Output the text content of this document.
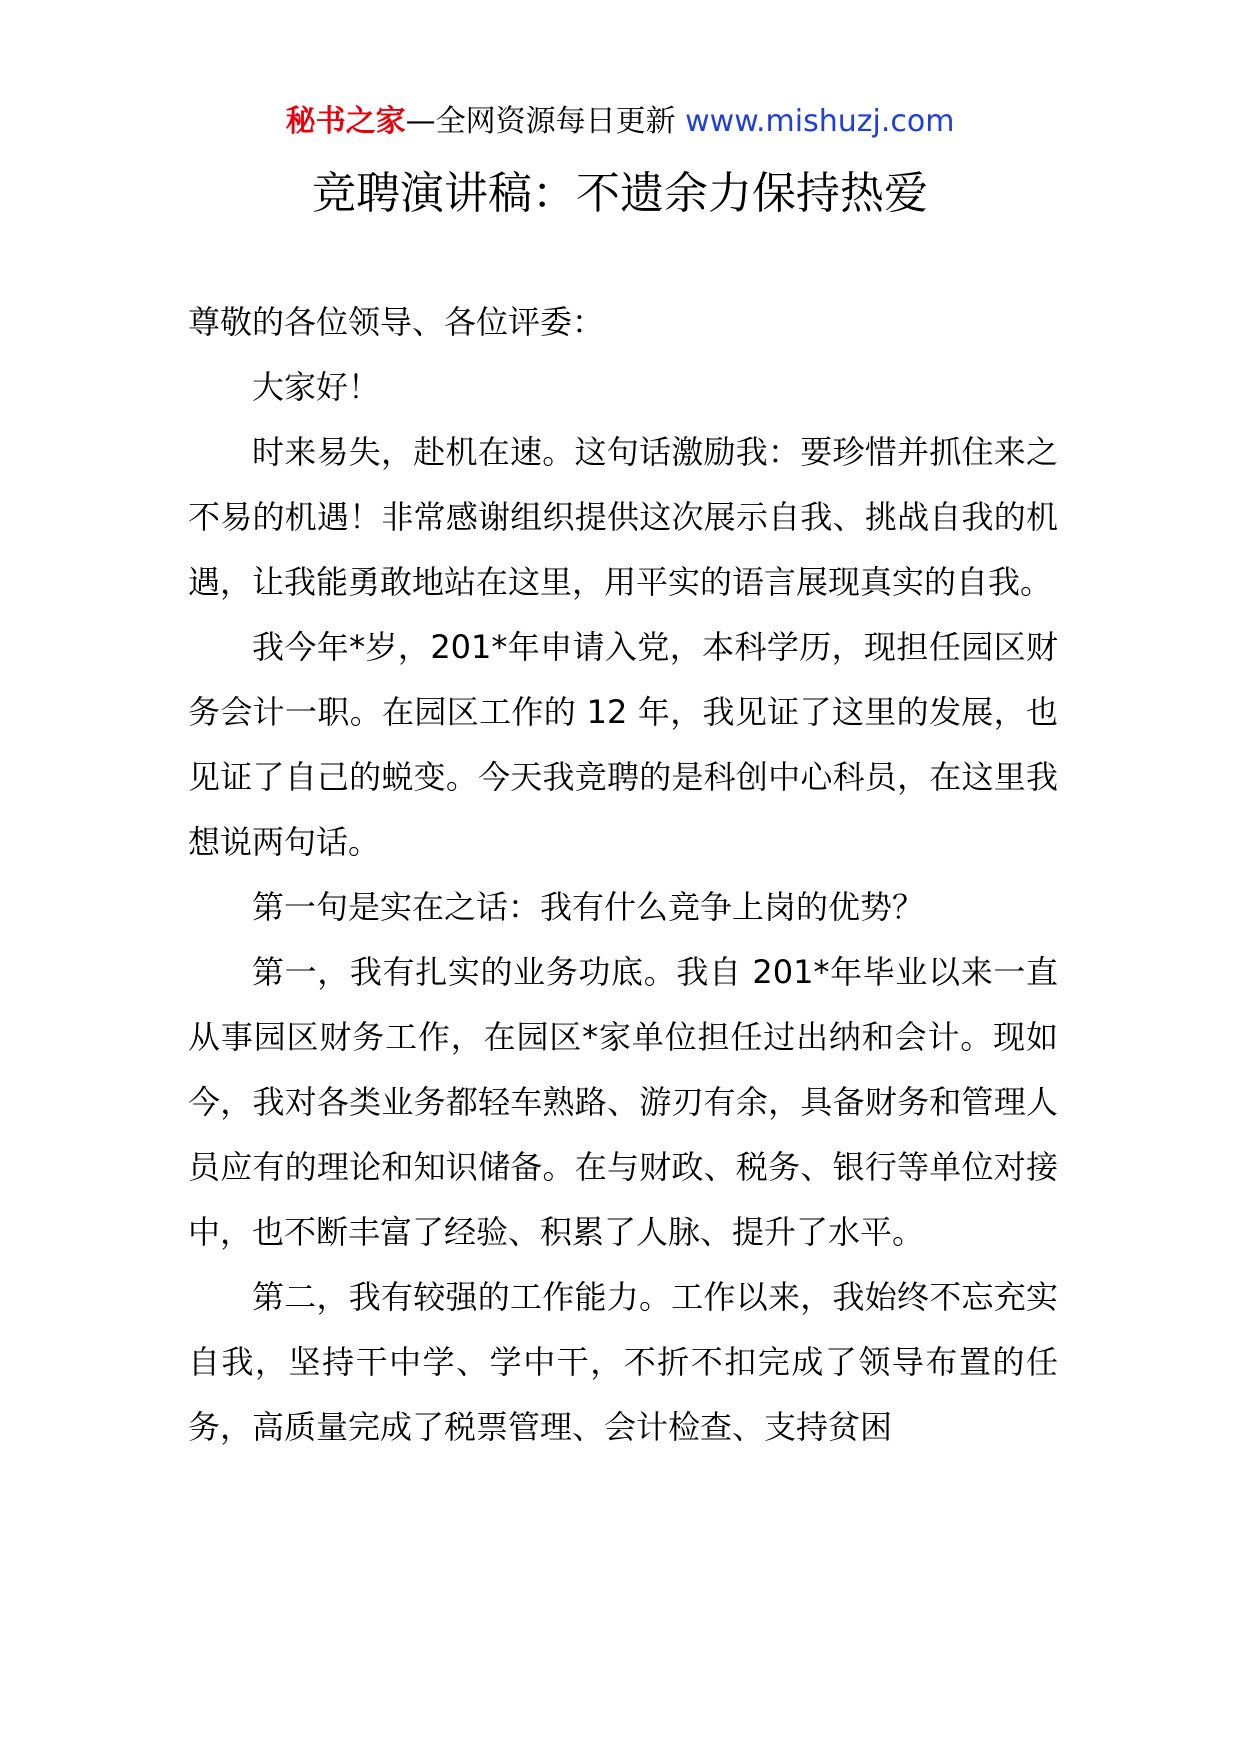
秘书之家—全网资源每日更新 www.mishuzj.com
竞聘演讲稿：不遗余力保持热爱

尊敬的各位领导、各位评委：

大家好！

时来易失，赴机在速。这句话激励我：要珍惜并抓住来之不易的机遇！非常感谢组织提供这次展示自我、挑战自我的机遇，让我能勇敢地站在这里，用平实的语言展现真实的自我。

我今年*岁，201*年申请入党，本科学历，现担任园区财务会计一职。在园区工作的 12 年，我见证了这里的发展，也见证了自己的蜕变。今天我竞聘的是科创中心科员，在这里我想说两句话。

第一句是实在之话：我有什么竞争上岗的优势？

第一，我有扎实的业务功底。我自 201*年毕业以来一直从事园区财务工作，在园区*家单位担任过出纳和会计。现如今，我对各类业务都轻车熟路、游刃有余，具备财务和管理人员应有的理论和知识储备。在与财政、税务、银行等单位对接中，也不断丰富了经验、积累了人脉、提升了水平。

第二，我有较强的工作能力。工作以来，我始终不忘充实自我，坚持干中学、学中干，不折不扣完成了领导布置的任务，高质量完成了税票管理、会计检查、支持贫困
